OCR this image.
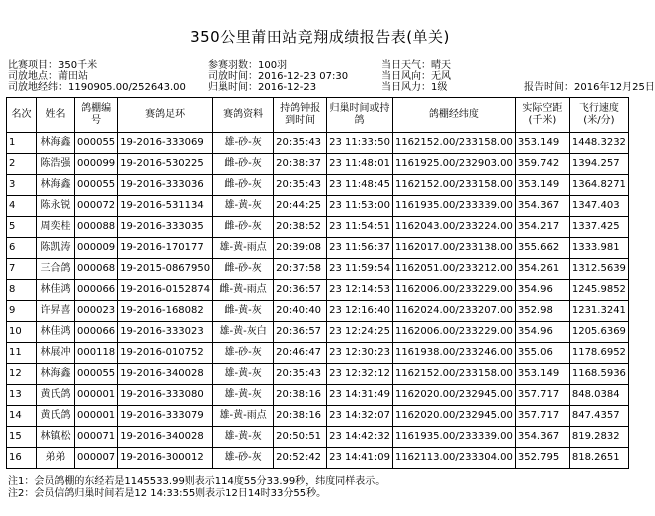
350公里莆田站竞翔成绩报告表(单关)
比赛项目：350千米
司放地点：莆田站
司放地经纬：1190905.00/252643.00
参赛羽数：100羽
司放时间：2016-12-23 07:30
归巢时间：2016-12-23
当日天气：晴天
当日风向：无风
当日风力：1级	报告时间：2016年12月25日
名次	姓名	鸽棚编号	赛鸽足环	赛鸽资料	持鸽钟报到时间	归巢时间或持鸽	鸽棚经纬度	实际空距(千米)	飞行速度(米/分)
1	林海鑫	000055	19-2016-333069	雄-砂-灰	20:35:43	23 11:33:50	1162152.00/233158.00	353.149	1448.3232
2	陈浩强	000099	19-2016-530225	雌-砂-灰	20:38:37	23 11:48:01	1161925.00/232903.00	359.742	1394.257
3	林海鑫	000055	19-2016-333036	雌-砂-灰	20:35:43	23 11:48:45	1162152.00/233158.00	353.149	1364.8271
4	陈永锐	000072	19-2016-531134	雄-黄-灰	20:44:25	23 11:53:00	1161935.00/233339.00	354.367	1347.403
5	周奕桂	000088	19-2016-333035	雌-砂-灰	20:38:52	23 11:54:51	1162043.00/233224.00	354.217	1337.425
6	陈凯涛	000009	19-2016-170177	雄-黄-雨点	20:39:08	23 11:56:37	1162017.00/233138.00	355.662	1333.981
7	三合鸽	000068	19-2015-0867950	雌-砂-灰	20:37:58	23 11:59:54	1162051.00/233212.00	354.261	1312.5639
8	林佳鸿	000066	19-2016-0152874	雌-黄-雨点	20:36:57	23 12:14:53	1162006.00/233229.00	354.96	1245.9852
9	许昇喜	000023	19-2016-168082	雌-黄-灰	20:40:40	23 12:16:40	1162024.00/233207.00	352.98	1231.3241
10	林佳鸿	000066	19-2016-333023	雄-黄-灰白	20:36:57	23 12:24:25	1162006.00/233229.00	354.96	1205.6369
11	林展冲	000118	19-2016-010752	雄-砂-灰	20:46:47	23 12:30:23	1161938.00/233246.00	355.06	1178.6952
12	林海鑫	000055	19-2016-340028	雄-黄-灰	20:35:43	23 12:32:12	1162152.00/233158.00	353.149	1168.5936
13	黄氏鸽	000001	19-2016-333080	雄-黄-灰	20:38:16	23 14:31:49	1162020.00/232945.00	357.717	848.0384
14	黄氏鸽	000001	19-2016-333079	雄-黄-雨点	20:38:16	23 14:32:07	1162020.00/232945.00	357.717	847.4357
15	林镇松	000071	19-2016-340028	雄-黄-灰	20:50:51	23 14:42:32	1161935.00/233339.00	354.367	819.2832
16	弟弟	000007	19-2016-300012	雄-砂-灰	20:52:42	23 14:41:09	1162113.00/233304.00	352.795	818.2651
注1：会员鸽棚的东经若是1145533.99则表示114度55分33.99秒，纬度同样表示。
注2：会员信鸽归巢时间若是12 14:33:55则表示12日14时33分55秒。
